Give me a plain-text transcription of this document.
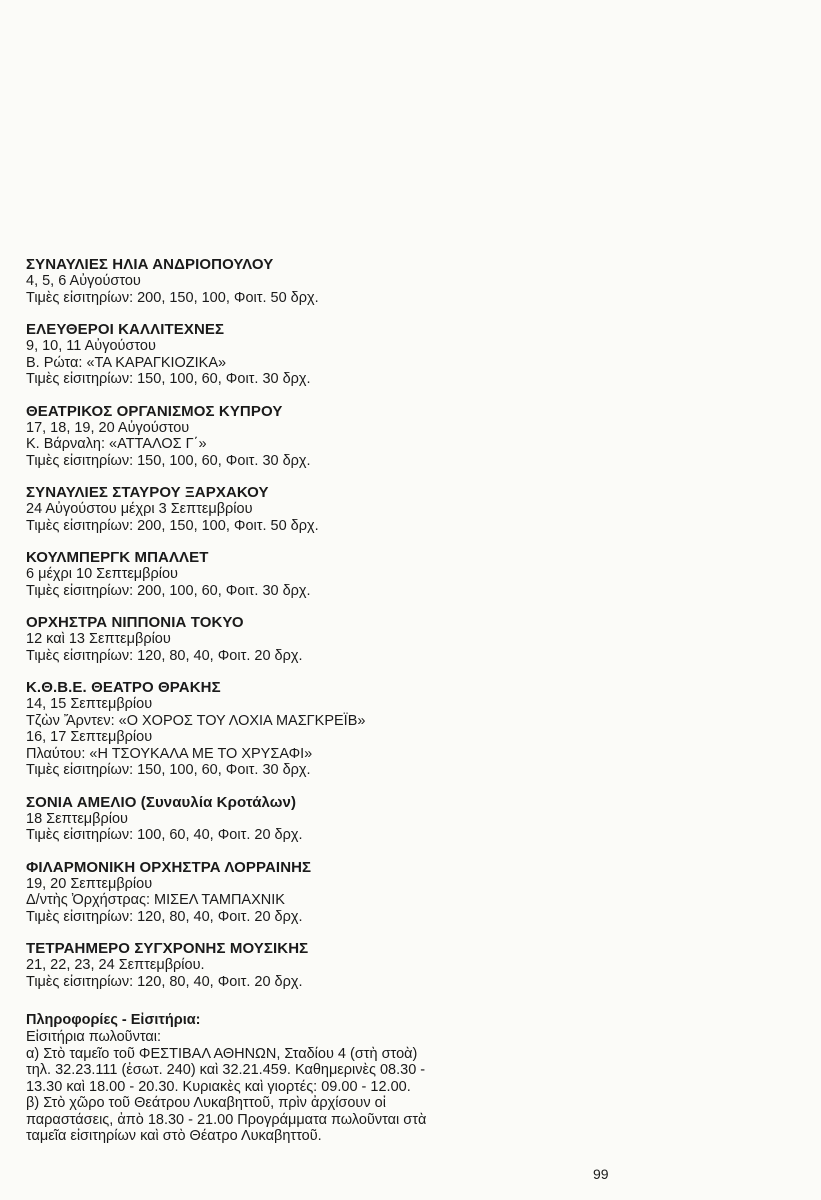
ΣΥΝΑΥΛΙΕΣ ΗΛΙΑ ΑΝΔΡΙΟΠΟΥΛΟΥ
4, 5, 6 Αὐγούστου
Τιμὲς εἰσιτηρίων: 200, 150, 100, Φοιτ. 50 δρχ.
ΕΛΕΥΘΕΡΟΙ ΚΑΛΛΙΤΕΧΝΕΣ
9, 10, 11 Αὐγούστου
Β. Ρώτα: «ΤΑ ΚΑΡΑΓΚΙΟΖΙΚΑ»
Τιμὲς εἰσιτηρίων: 150, 100, 60, Φοιτ. 30 δρχ.
ΘΕΑΤΡΙΚΟΣ ΟΡΓΑΝΙΣΜΟΣ ΚΥΠΡΟΥ
17, 18, 19, 20 Αὐγούστου
Κ. Βάρναλη: «ΑΤΤΑΛΟΣ Γ΄»
Τιμὲς εἰσιτηρίων: 150, 100, 60, Φοιτ. 30 δρχ.
ΣΥΝΑΥΛΙΕΣ ΣΤΑΥΡΟΥ ΞΑΡΧΑΚΟΥ
24 Αὐγούστου μέχρι 3 Σεπτεμβρίου
Τιμὲς εἰσιτηρίων: 200, 150, 100, Φοιτ. 50 δρχ.
ΚΟΥΛΜΠΕΡΓΚ ΜΠΑΛΛΕΤ
6 μέχρι 10 Σεπτεμβρίου
Τιμὲς εἰσιτηρίων: 200, 100, 60, Φοιτ. 30 δρχ.
ΟΡΧΗΣΤΡΑ ΝΙΠΠΟΝΙΑ ΤΟΚΥΟ
12 καὶ 13 Σεπτεμβρίου
Τιμὲς εἰσιτηρίων: 120, 80, 40, Φοιτ. 20 δρχ.
Κ.Θ.Β.Ε. ΘΕΑΤΡΟ ΘΡΑΚΗΣ
14, 15 Σεπτεμβρίου
Τζὼν Ἄρντεν: «Ο ΧΟΡΟΣ ΤΟΥ ΛΟΧΙΑ ΜΑΣΓΚΡΕΪΒ»
16, 17 Σεπτεμβρίου
Πλαύτου: «Η ΤΣΟΥΚΑΛΑ ΜΕ ΤΟ ΧΡΥΣΑΦΙ»
Τιμὲς εἰσιτηρίων: 150, 100, 60, Φοιτ. 30 δρχ.
ΣΟΝΙΑ ΑΜΕΛΙΟ (Συναυλία Κροτάλων)
18 Σεπτεμβρίου
Τιμὲς εἰσιτηρίων: 100, 60, 40, Φοιτ. 20 δρχ.
ΦΙΛΑΡΜΟΝΙΚΗ ΟΡΧΗΣΤΡΑ ΛΟΡΡΑΙΝΗΣ
19, 20 Σεπτεμβρίου
Δ/ντὴς Ὀρχήστρας: ΜΙΣΕΛ ΤΑΜΠΑΧΝΙΚ
Τιμὲς εἰσιτηρίων: 120, 80, 40, Φοιτ. 20 δρχ.
ΤΕΤΡΑΗΜΕΡΟ ΣΥΓΧΡΟΝΗΣ ΜΟΥΣΙΚΗΣ
21, 22, 23, 24 Σεπτεμβρίου.
Τιμὲς εἰσιτηρίων: 120, 80, 40, Φοιτ. 20 δρχ.
Πληροφορίες - Εἰσιτήρια:
Εἰσιτήρια πωλοῦνται:
α) Στὸ ταμεῖο τοῦ ΦΕΣΤΙΒΑΛ ΑΘΗΝΩΝ, Σταδίου 4 (στὴ στοὰ)
τηλ. 32.23.111 (ἐσωτ. 240) καὶ 32.21.459. Καθημερινὲς 08.30 -
13.30 καὶ 18.00 - 20.30. Κυριακὲς καὶ γιορτές: 09.00 - 12.00.
β) Στὸ χῶρο τοῦ Θεάτρου Λυκαβηττοῦ, πρὶν ἀρχίσουν οἱ
παραστάσεις, ἀπὸ 18.30 - 21.00 Προγράμματα πωλοῦνται στὰ
ταμεῖα εἰσιτηρίων καὶ στὸ Θέατρο Λυκαβηττοῦ.
99
